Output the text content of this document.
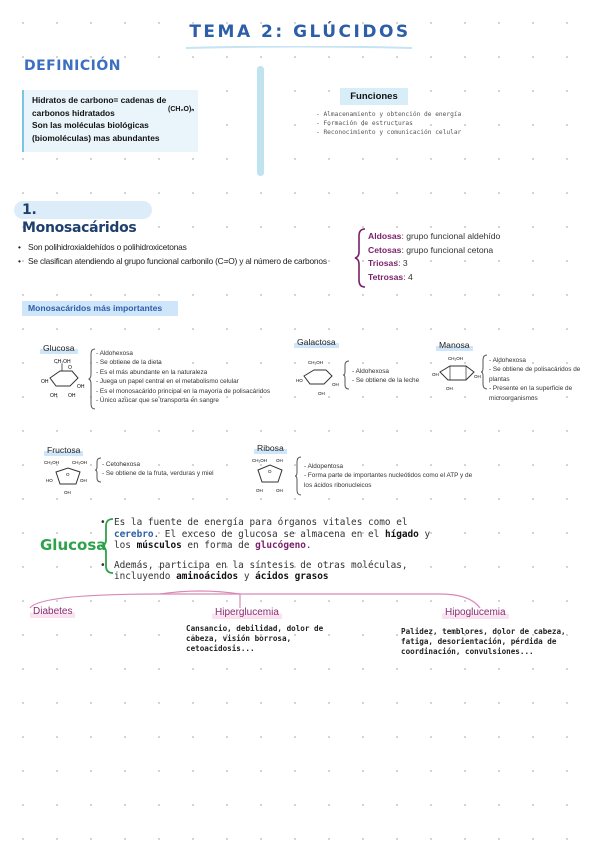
TEMA 2: GLÚCIDOS
DEFINICIÓN
Hidratos de carbono= cadenas de
carbonos hidratados
Son las moléculas biológicas
(biomoléculas) mas abundantes
(CH₂O)ₙ
Funciones
- Almacenamiento y obtención de energía
- Formación de estructuras
- Reconocimiento y comunicación celular
1. Monosacáridos
• Son polihidroxialdehídos o polihidroxicetonas
• Se clasifican atendiendo al grupo funcional carbonilo (C=O) y al número de carbonos
Aldosas: grupo funcional aldehído
Cetosas: grupo funcional cetona
Triosas: 3
Tetrosas: 4
Monosacáridos más importantes
Glucosa
CH₂OH
O
OH
OH
OH OH
- Aldohexosa
- Se obtiene de la dieta
- Es el más abundante en la naturaleza
- Juega un papel central en el metabolismo celular
- Es el monosacárido principal en la mayoría de polisacáridos
- Único azúcar que se transporta en sangre
Galactosa
CH₂OH
HO
OH
OH
- Aldohexosa
- Se obtiene de la leche
Manosa
CH₂OH
OH	OH
OH
- Aldohexosa
- Se obtiene de polisacáridos de plantas
- Presente en la superficie de microorganismos
Fructosa
CH₂OH	CH₂OH
O
OH
HO
OH
- Cetohexosa
- Se obtiene de la fruta, verduras y miel
Ribosa
CH₂OH OH
O
OH	OH
- Aldopentosa
- Forma parte de importantes nucleótidos como el ATP y de los ácidos ribonucleicos
Glucosa
• Es la fuente de energía para órganos vitales como el cerebro. El exceso de glucosa se almacena en el hígado y los músculos en forma de glucógeno.
• Además, participa en la síntesis de otras moléculas, incluyendo aminoácidos y ácidos grasos
Diabetes	Hiperglucemia
Cansancio, debilidad, dolor de cabeza, visión borrosa, cetoacidosis...
Hipoglucemia
Palidez, temblores, dolor de cabeza, fatiga, desorientación, pérdida de coordinación, convulsiones...
